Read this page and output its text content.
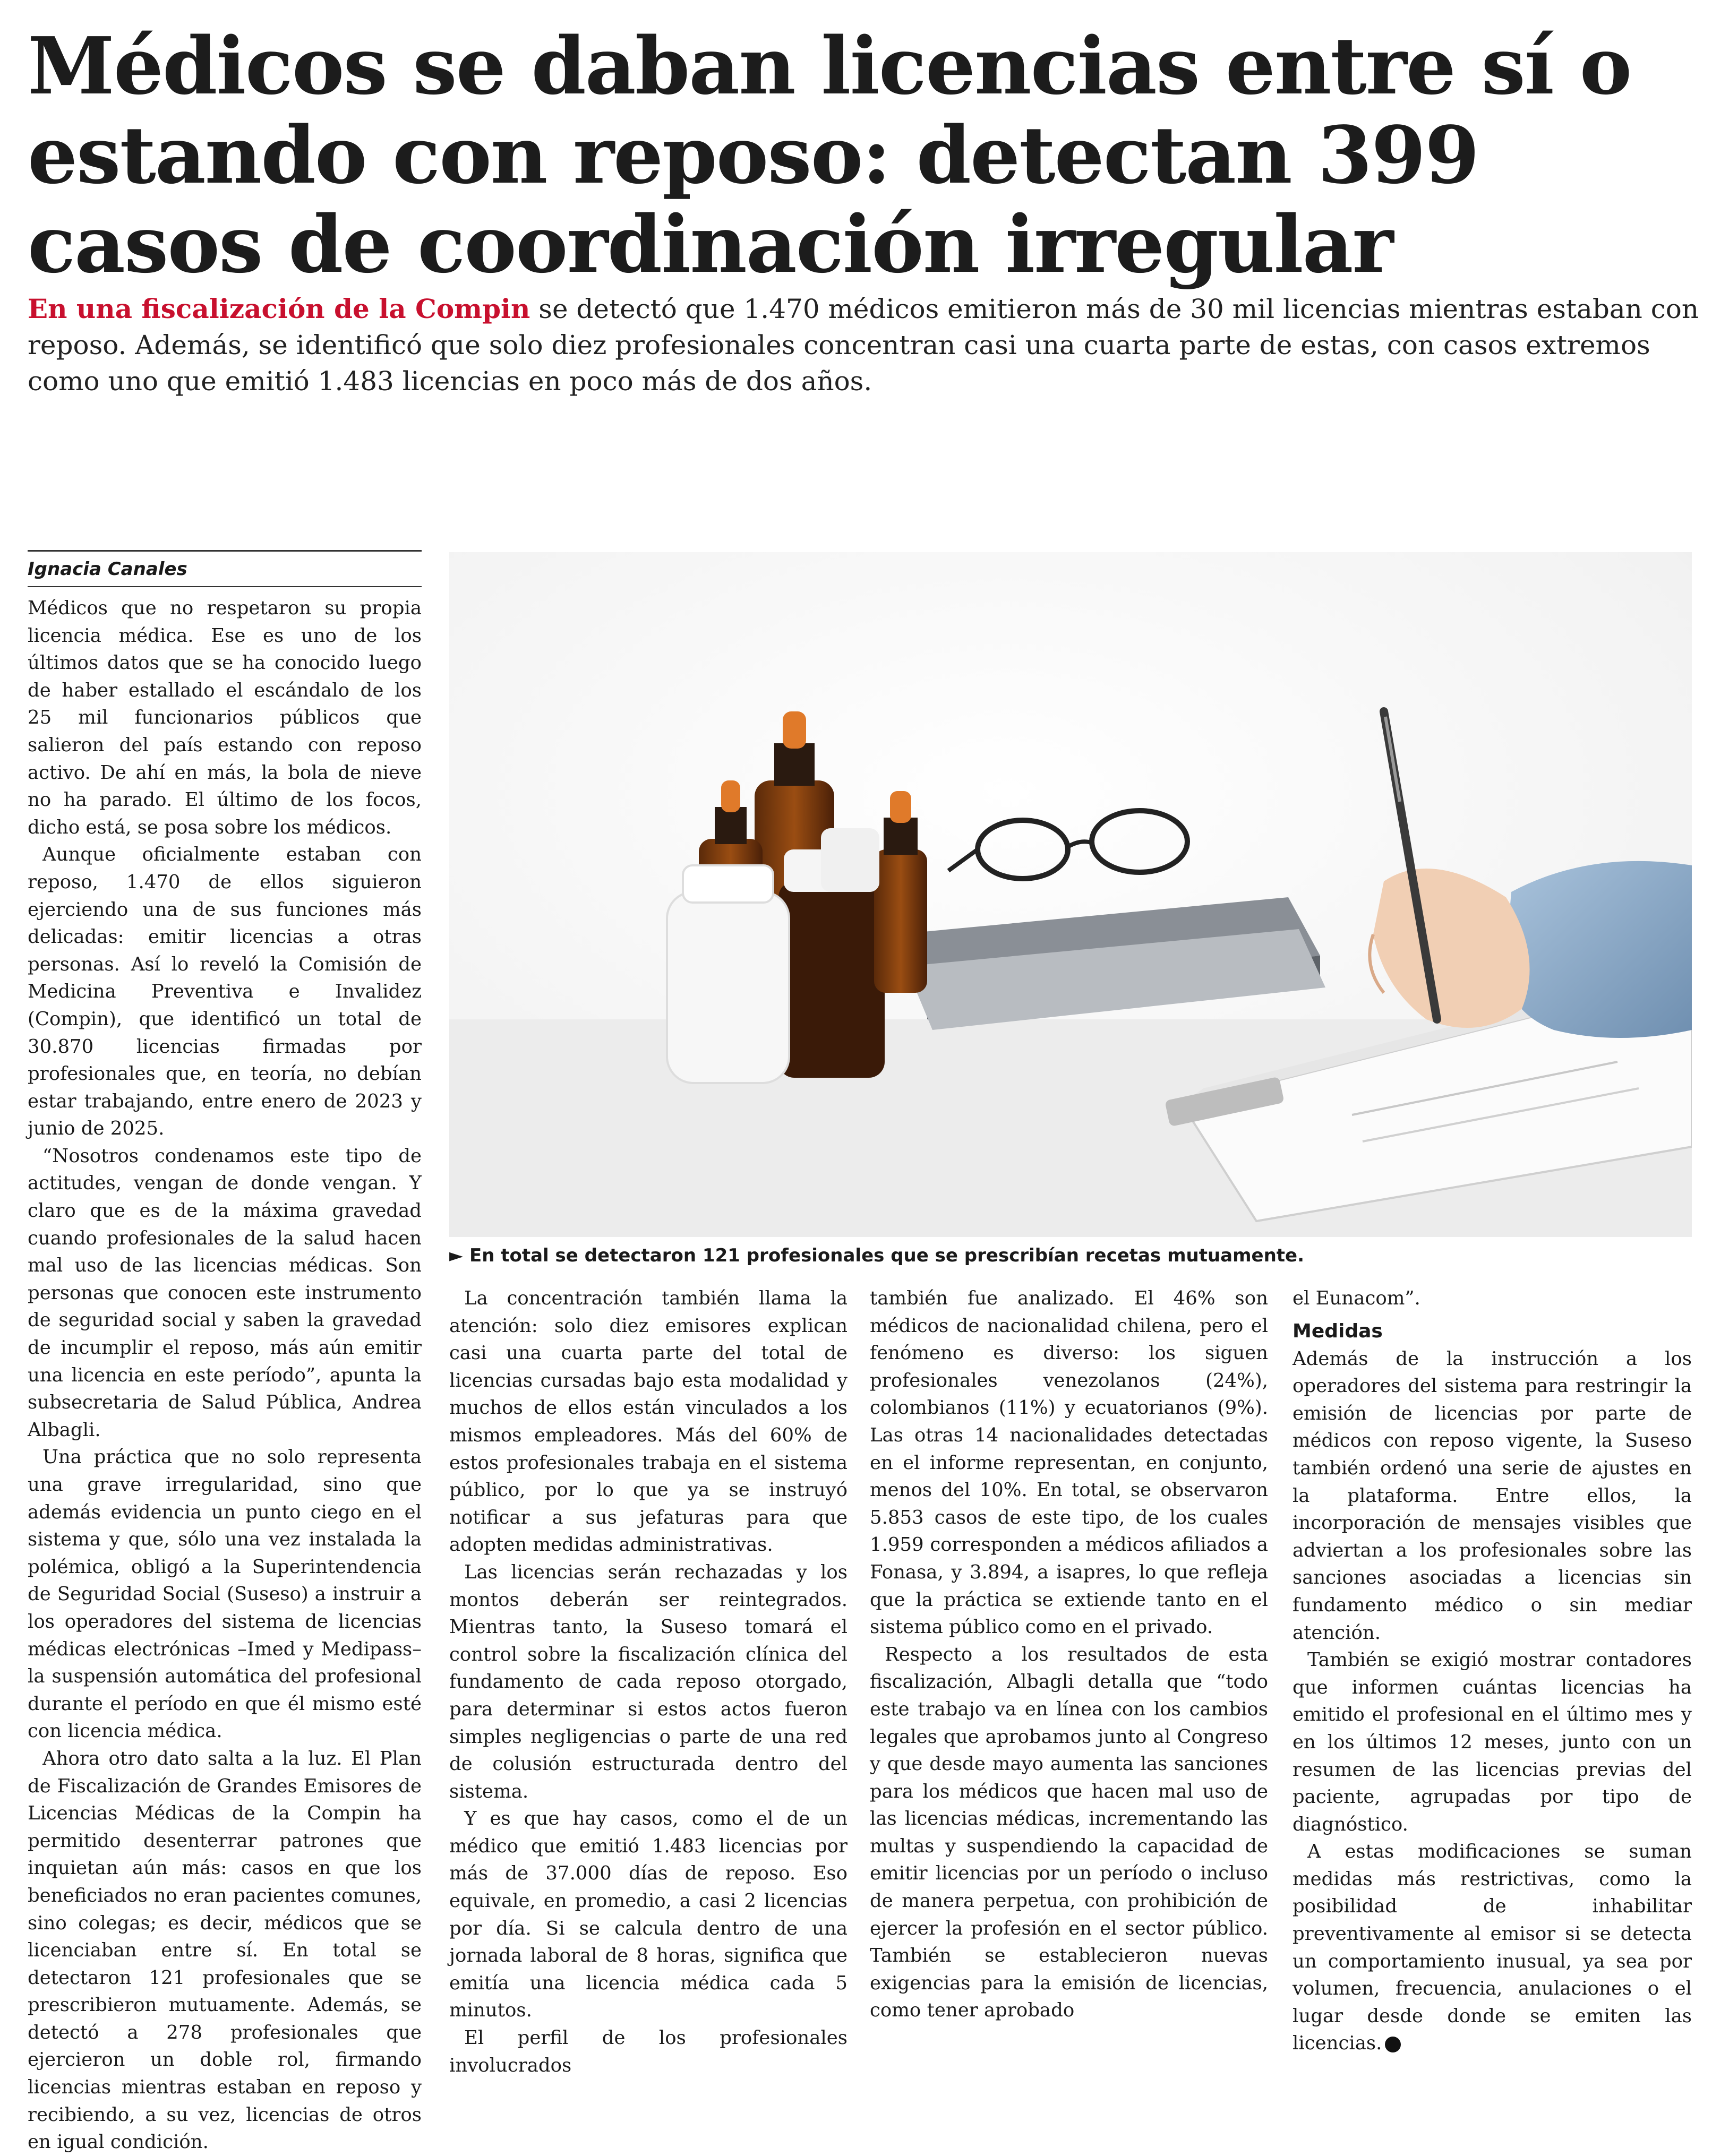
Médicos se daban licencias entre sí o estando con reposo: detectan 399 casos de coordinación irregular

En una fiscalización de la Compin se detectó que 1.470 médicos emitieron más de 30 mil licencias mientras estaban con reposo. Además, se identificó que solo diez profesionales concentran casi una cuarta parte de estas, con casos extremos como uno que emitió 1.483 licencias en poco más de dos años.

Ignacia Canales

Médicos que no respetaron su propia licencia médica. Ese es uno de los últimos datos que se ha conocido luego de haber estallado el escándalo de los 25 mil funcionarios públicos que salieron del país estando con reposo activo. De ahí en más, la bola de nieve no ha parado. El último de los focos, dicho está, se posa sobre los médicos.

Aunque oficialmente estaban con reposo, 1.470 de ellos siguieron ejerciendo una de sus funciones más delicadas: emitir licencias a otras personas. Así lo reveló la Comisión de Medicina Preventiva e Invalidez (Compin), que identificó un total de 30.870 licencias firmadas por profesionales que, en teoría, no debían estar trabajando, entre enero de 2023 y junio de 2025.

“Nosotros condenamos este tipo de actitudes, vengan de donde vengan. Y claro que es de la máxima gravedad cuando profesionales de la salud hacen mal uso de las licencias médicas. Son personas que conocen este instrumento de seguridad social y saben la gravedad de incumplir el reposo, más aún emitir una licencia en este período”, apunta la subsecretaria de Salud Pública, Andrea Albagli.

Una práctica que no solo representa una grave irregularidad, sino que además evidencia un punto ciego en el sistema y que, sólo una vez instalada la polémica, obligó a la Superintendencia de Seguridad Social (Suseso) a instruir a los operadores del sistema de licencias médicas electrónicas –Imed y Medipass– la suspensión automática del profesional durante el período en que él mismo esté con licencia médica.

Ahora otro dato salta a la luz. El Plan de Fiscalización de Grandes Emisores de Licencias Médicas de la Compin ha permitido desenterrar patrones que inquietan aún más: casos en que los beneficiados no eran pacientes comunes, sino colegas; es decir, médicos que se licenciaban entre sí. En total se detectaron 121 profesionales que se prescribieron mutuamente. Además, se detectó a 278 profesionales que ejercieron un doble rol, firmando licencias mientras estaban en reposo y recibiendo, a su vez, licencias de otros en igual condición.

► En total se detectaron 121 profesionales que se prescribían recetas mutuamente.

La concentración también llama la atención: solo diez emisores explican casi una cuarta parte del total de licencias cursadas bajo esta modalidad y muchos de ellos están vinculados a los mismos empleadores. Más del 60% de estos profesionales trabaja en el sistema público, por lo que ya se instruyó notificar a sus jefaturas para que adopten medidas administrativas.

Las licencias serán rechazadas y los montos deberán ser reintegrados. Mientras tanto, la Suseso tomará el control sobre la fiscalización clínica del fundamento de cada reposo otorgado, para determinar si estos actos fueron simples negligencias o parte de una red de colusión estructurada dentro del sistema.

Y es que hay casos, como el de un médico que emitió 1.483 licencias por más de 37.000 días de reposo. Eso equivale, en promedio, a casi 2 licencias por día. Si se calcula dentro de una jornada laboral de 8 horas, significa que emitía una licencia médica cada 5 minutos.

El perfil de los profesionales involucrados

también fue analizado. El 46% son médicos de nacionalidad chilena, pero el fenómeno es diverso: los siguen profesionales venezolanos (24%), colombianos (11%) y ecuatorianos (9%). Las otras 14 nacionalidades detectadas en el informe representan, en conjunto, menos del 10%. En total, se observaron 5.853 casos de este tipo, de los cuales 1.959 corresponden a médicos afiliados a Fonasa, y 3.894, a isapres, lo que refleja que la práctica se extiende tanto en el sistema público como en el privado.

Respecto a los resultados de esta fiscalización, Albagli detalla que “todo este trabajo va en línea con los cambios legales que aprobamos junto al Congreso y que desde mayo aumenta las sanciones para los médicos que hacen mal uso de las licencias médicas, incrementando las multas y suspendiendo la capacidad de emitir licencias por un período o incluso de manera perpetua, con prohibición de ejercer la profesión en el sector público. También se establecieron nuevas exigencias para la emisión de licencias, como tener aprobado

el Eunacom”.

Medidas

Además de la instrucción a los operadores del sistema para restringir la emisión de licencias por parte de médicos con reposo vigente, la Suseso también ordenó una serie de ajustes en la plataforma. Entre ellos, la incorporación de mensajes visibles que adviertan a los profesionales sobre las sanciones asociadas a licencias sin fundamento médico o sin mediar atención.

También se exigió mostrar contadores que informen cuántas licencias ha emitido el profesional en el último mes y en los últimos 12 meses, junto con un resumen de las licencias previas del paciente, agrupadas por tipo de diagnóstico.

A estas modificaciones se suman medidas más restrictivas, como la posibilidad de inhabilitar preventivamente al emisor si se detecta un comportamiento inusual, ya sea por volumen, frecuencia, anulaciones o el lugar desde donde se emiten las licencias.
